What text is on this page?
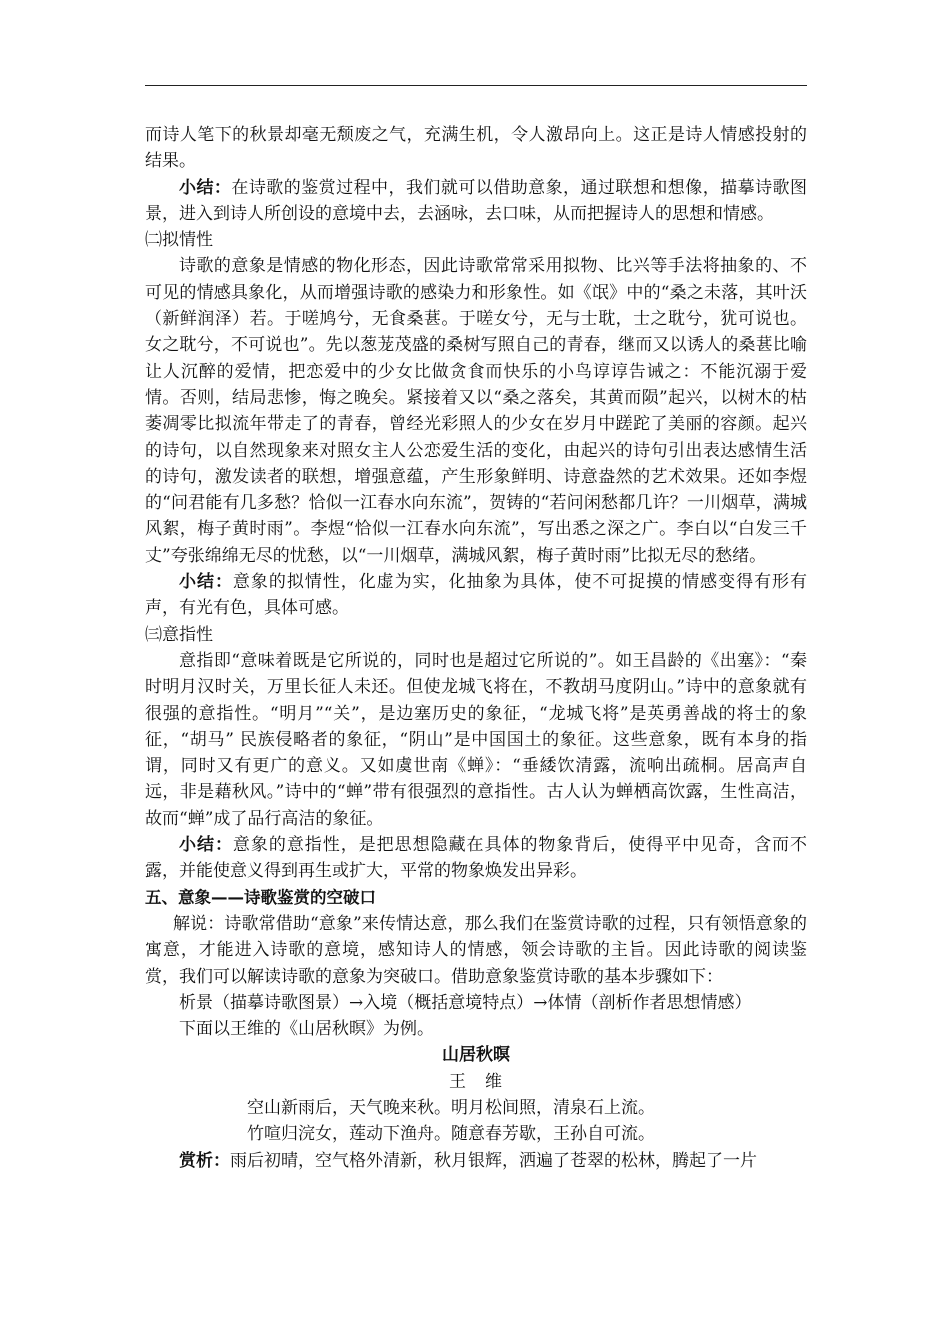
而诗人笔下的秋景却毫无颓废之气，充满生机，令人激昂向上。这正是诗人情感投射的结果。

小结：在诗歌的鉴赏过程中，我们就可以借助意象，通过联想和想像，描摹诗歌图景，进入到诗人所创设的意境中去，去涵咏，去口味，从而把握诗人的思想和情感。

㈡拟情性

诗歌的意象是情感的物化形态，因此诗歌常常采用拟物、比兴等手法将抽象的、不可见的情感具象化，从而增强诗歌的感染力和形象性。如《氓》中的“桑之未落，其叶沃（新鲜润泽）若。于嗟鸠兮，无食桑葚。于嗟女兮，无与士耽，士之耽兮，犹可说也。女之耽兮，不可说也”。先以葱茏茂盛的桑树写照自己的青春，继而又以诱人的桑葚比喻让人沉醉的爱情，把恋爱中的少女比做贪食而快乐的小鸟谆谆告诫之：不能沉溺于爱情。否则，结局悲惨，悔之晚矣。紧接着又以“桑之落矣，其黄而陨”起兴，以树木的枯萎凋零比拟流年带走了的青春，曾经光彩照人的少女在岁月中蹉跎了美丽的容颜。起兴的诗句，以自然现象来对照女主人公恋爱生活的变化，由起兴的诗句引出表达感情生活的诗句，激发读者的联想，增强意蕴，产生形象鲜明、诗意盎然的艺术效果。还如李煜的“问君能有几多愁？恰似一江春水向东流”，贺铸的“若问闲愁都几许？一川烟草，满城风絮，梅子黄时雨”。李煜“恰似一江春水向东流”，写出悉之深之广。李白以“白发三千丈”夸张绵绵无尽的忧愁，以“一川烟草，满城风絮，梅子黄时雨”比拟无尽的愁绪。

小结：意象的拟情性，化虚为实，化抽象为具体，使不可捉摸的情感变得有形有声，有光有色，具体可感。

㈢意指性

意指即“意味着既是它所说的，同时也是超过它所说的”。如王昌龄的《出塞》：“秦时明月汉时关，万里长征人未还。但使龙城飞将在，不教胡马度阴山。”诗中的意象就有很强的意指性。“明月”“关”，是边塞历史的象征，“龙城飞将”是英勇善战的将士的象征，“胡马” 民族侵略者的象征，“阴山”是中国国土的象征。这些意象，既有本身的指谓，同时又有更广的意义。又如虞世南《蝉》：“垂緌饮清露，流响出疏桐。居高声自远，非是藉秋风。”诗中的“蝉”带有很强烈的意指性。古人认为蝉栖高饮露，生性高洁，故而“蝉”成了品行高洁的象征。

小结：意象的意指性，是把思想隐藏在具体的物象背后，使得平中见奇，含而不露，并能使意义得到再生或扩大，平常的物象焕发出异彩。

五、意象——诗歌鉴赏的空破口

解说：诗歌常借助“意象”来传情达意，那么我们在鉴赏诗歌的过程，只有领悟意象的寓意，才能进入诗歌的意境，感知诗人的情感，领会诗歌的主旨。因此诗歌的阅读鉴赏，我们可以解读诗歌的意象为突破口。借助意象鉴赏诗歌的基本步骤如下：

析景（描摹诗歌图景）→入境（概括意境特点）→体情（剖析作者思想情感）

下面以王维的《山居秋暝》为例。

山居秋暝

王　维

空山新雨后，天气晚来秋。明月松间照，清泉石上流。

竹喧归浣女，莲动下渔舟。随意春芳歇，王孙自可流。

赏析：雨后初晴，空气格外清新，秋月银辉，洒遍了苍翠的松林，腾起了一片
